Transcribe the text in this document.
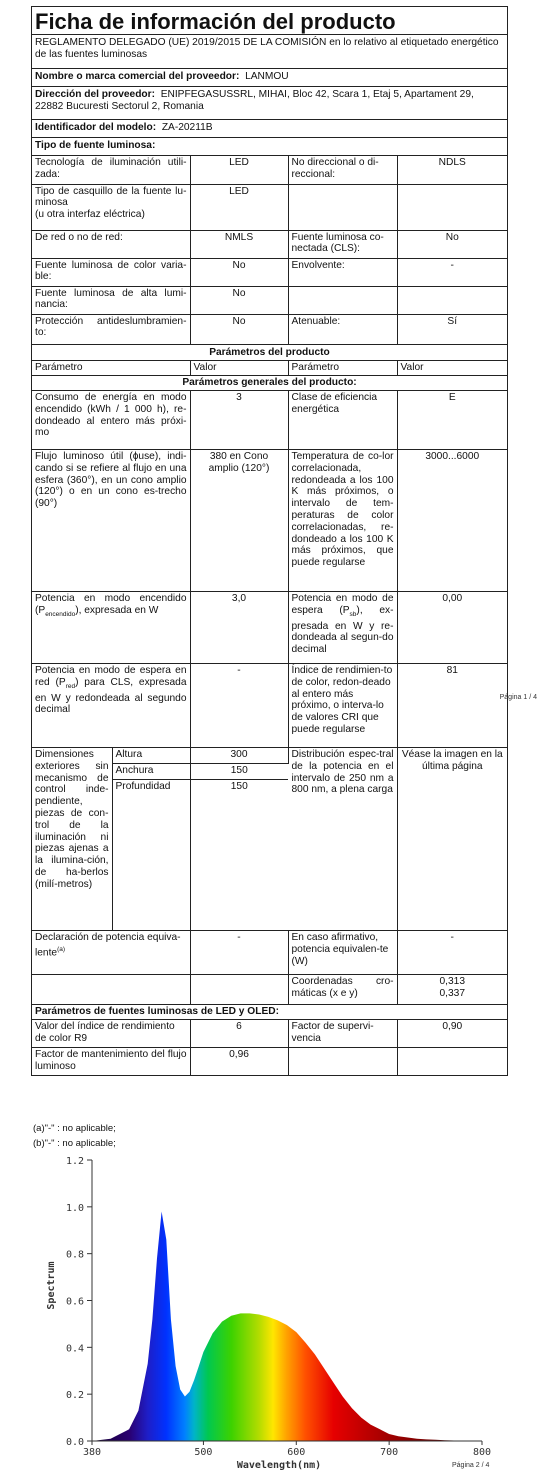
Ficha de información del producto
REGLAMENTO DELEGADO (UE) 2019/2015 DE LA COMISIÓN en lo relativo al etiquetado energético de las fuentes luminosas
Nombre o marca comercial del proveedor: LANMOU
Dirección del proveedor: ENIPFEGASUSSRL, MIHAI, Bloc 42, Scara 1, Etaj 5, Apartament 29, 22882 Bucuresti Sectorul 2, Romania
Identificador del modelo: ZA-20211B
Tipo de fuente luminosa:
Tecnología de iluminación utili-zada:	LED	No direccional o di-reccional:	NDLS
Tipo de casquillo de la fuente lu-minosa
(u otra interfaz eléctrica)	LED		
De red o no de red:	NMLS	Fuente luminosa co-nectada (CLS):	No
Fuente luminosa de color varia-ble:	No	Envolvente:	-
Fuente luminosa de alta lumi-nancia:	No		
Protección antideslumbramien-to:	No	Atenuable:	Sí
Parámetros del producto
Parámetro		Valor	Parámetro	Valor
Parámetros generales del producto:				
Consumo de energía en modo encendido (kWh / 1 000 h), re-dondeado al entero más próxi-mo		3	Clase de eficiencia energética	E
Flujo luminoso útil (ɸuse), indi-cando si se refiere al flujo en una esfera (360°), en un cono amplio (120°) o en un cono es-trecho (90°)		380 en Cono amplio (120°)	Temperatura de co-lor correlacionada, redondeada a los 100 K más próximos, o intervalo de tem-peraturas de color correlacionadas, re-dondeado a los 100 K más próximos, que puede regularse	3000...6000
Potencia en modo encendido $(P_{encendido})$, expresada en W		3,0	Potencia en modo de espera $(P_{sb})$, ex-presada en W y re-dondeada al segun-do decimal	0,00
Potencia en modo de espera en red $(P_{red})$ para CLS, expresada en W y redondeada al segundo decimal		-	Índice de rendimien-to de color, redon-deado al entero más próximo, o interva-lo de valores CRI que puede regularse	81
Página 1 / 4

Dimensiones exteriores sin mecanismo de control inde-pendiente, piezas de con-trol de la iluminación ni piezas ajenas a la ilumina-ción, de ha-berlos (milí-metros)	Altura	300	Distribución espec-tral de la potencia en el intervalo de 250 nm a 800 nm, a plena carga	Véase la imagen en la última página
	Anchura	150		
	Profundidad	150		
Declaración de potencia equiva-lente$^{(a)}$		-	En caso afirmativo, potencia equivalen-te (W)	-
			Coordenadas cro-máticas (x e y)	0,313
0,337

Parámetros de fuentes luminosas de LED y OLED:				
Valor del índice de rendimiento de color R9		6	Factor de supervi-vencia	0,90
Factor de mantenimiento del flujo luminoso		0,96		
(a)"-" : no aplicable;
(b)"-" : no aplicable;
0.0
0.2
0.4
0.6
0.8
1.0
1.2
380	500	600	700	800
Wavelength(nm)
Spectrum
Página 2 / 4
